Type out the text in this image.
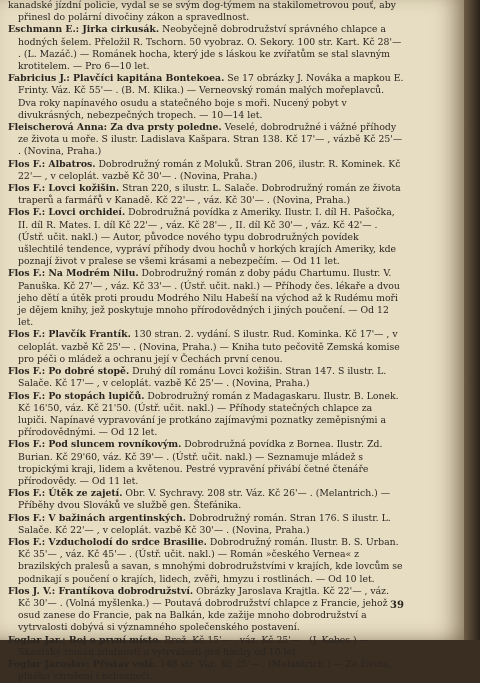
kanadské jízdní policie, vydal se se svým dog-týmem na stakilometrovou pouť, aby přinesl do polární divočiny zákon a spravedlnost.

Eschmann E.: Jirka cirkusák. Neobyčejně dobrodružství správného chlapce a hodných šelem. Přeložil R. Tschorn. 50 vyobraz. O. Sekory. 100 str. Kart. Kč 28'— . (L. Mazáč.) — Románek hocha, který jde s láskou ke zvířatům se stal slavným krotitelem. — Pro 6—10 let.

Fabricius J.: Plavčíci kapitána Bontekoea. Se 17 obrázky J. Nováka a mapkou E. Frinty. Váz. Kč 55'— . (B. M. Klika.) — Verneovský román malých mořeplavců. Dva roky napínavého osudu a statečného boje s moři. Nucený pobyt v divukrásných, nebezpečných tropech. — 10—14 let.

Fleischerová Anna: Za dva prsty poledne. Veselé, dobrodružné i vážné příhody ze života u moře. S ilustr. Ladislava Kašpara. Stran 138. Kč 17'— , vázbě Kč 25'— . (Novina, Praha.)

Flos F.: Albatros. Dobrodružný román z Moluků. Stran 206, ilustr. R. Kominek. Kč 22'— , v celoplát. vazbě Kč 30'— . (Novina, Praha.)

Flos F.: Lovci kožišin. Stran 220, s ilustr. L. Salače. Dobrodružný román ze života traperů a farmářů v Kanadě. Kč 22'— , váz. Kč 30'— . (Novina, Praha.)

Flos F.: Lovci orchideí. Dobrodružná povídka z Ameriky. Ilustr. I. díl H. Pašočka, II. díl R. Mates. I. díl Kč 22'— , váz. Kč 28'— , II. díl Kč 30'— , váz. Kč 42'— . (Ústř. učit. nakl.) — Autor, původce nového typu dobrodružných povídek ušlechtilé tendence, vypráví příhody dvou hochů v horkých krajích Ameriky, kde poznají život v pralese se všemi krásami a nebezpečím. — Od 11 let.

Flos F.: Na Modrém Nilu. Dobrodružný román z doby pádu Chartumu. Ilustr. V. Panuška. Kč 27'— , váz. Kč 33'— . (Ústř. učit. nakl.) — Příhody čes. lékaře a dvou jeho dětí a útěk proti proudu Modrého Nilu Habeší na východ až k Rudému moři je dějem knihy, jež poskytuje mnoho přírodovědných i jiných poučení. — Od 12 let.

Flos F.: Plavčík Frantík. 130 stran. 2. vydání. S ilustr. Rud. Kominka. Kč 17'— , v celoplát. vazbě Kč 25'— . (Novina, Praha.) — Kniha tuto pečovitě Zemská komise pro péči o mládež a ochranu její v Čechách první cenou.

Flos F.: Po dobré stopě. Druhý díl románu Lovci kožišin. Stran 147. S ilustr. L. Salače. Kč 17'— , v celoplát. vazbě Kč 25'— . (Novina, Praha.)

Flos F.: Po stopách lupičů. Dobrodružný román z Madagaskaru. Ilustr. B. Lonek. Kč 16'50, váz. Kč 21'50. (Ústř. učit. nakl.) — Příhody statečných chlapce za lupiči. Napínavé vypravování je protkáno zajímavými poznatky zeměpisnými a přírodovědnými. — Od 12 let.

Flos F.: Pod sluncem rovníkovým. Dobrodružná povídka z Bornea. Ilustr. Zd. Burian. Kč 29'60, váz. Kč 39'— . (Ústř. učit. nakl.) — Seznamuje mládež s tropickými kraji, lidem a květenou. Pestré vypravění přivábí četné čtenáře přírodovědy. — Od 11 let.

Flos F.: Útěk ze zajetí. Obr. V. Sychravy. 208 str. Váz. Kč 26'— . (Melantrich.) — Příběhy dvou Slováků ve službě gen. Štefánika.

Flos F.: V bažinách argentinských. Dobrodružný román. Stran 176. S ilustr. L. Salače. Kč 22'— , v celoplát. vazbě Kč 30'— . (Novina, Praha.)

Flos F.: Vzducholodí do srdce Brasilie. Dobrodružný román. Ilustr. B. S. Urban. Kč 35'— , váz. Kč 45'— . (Ústř. učit. nakl.) — Román »českého Verneа« z brazilských pralesů a savan, s mnohými dobrodružstvími v krajích, kde lovcům se podnikají s poučení o krajích, lidech, zvěři, hmyzu i rostlinách. — Od 10 let.

Flos J. V.: Frantíkova dobrodružství. Obrázky Jaroslava Krajtla. Kč 22'— , váz. Kč 30'— . (Volná myšlenka.) — Poutavá dobrodružství chlapce z Francie, jehož osud zanese do Francie, pak na Balkán, kde zažije mnoho dobrodružství a vytrvalosti dobývá si významného společenského postavení.

Foglar Jar.: Boj o první místo. Brož. Kč 15'— , váz. Kč 25'— . (J. Kobes.) — Skautský román zdatnosti a vytrvalosti pro hochy od 10 let.

Foglar Jaroslav: Přístav volá. 148 str. Váz. Kč 25'— . (Melantrich.) — Ze života, plného vzrušení i nebezpečí.

39
